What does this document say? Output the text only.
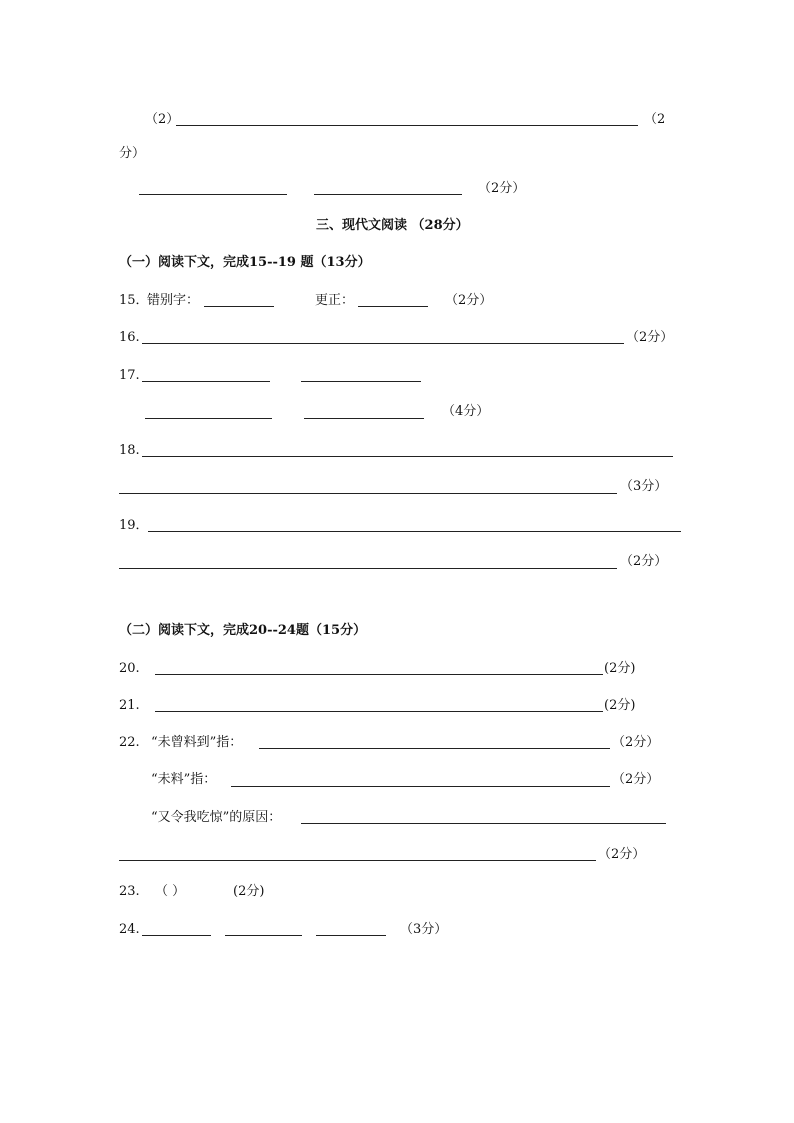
（2）	（2
分）
（2分）
三、现代文阅读 （28分）
（一）阅读下文，完成15--19 题（13分）
15．
错别字：	更正：	（2分）
16.	（2分）
17.
（4分）
18.
（3分）
19．
（2分）
（二）阅读下文，完成20--24题（15分）
20.	(2分)
21.	(2分)
22. “未曾料到”指：	（2分）
“未料”指：	（2分）
“又令我吃惊”的原因：
（2分）
23. （ ）	(2分)
24.	（3分）
